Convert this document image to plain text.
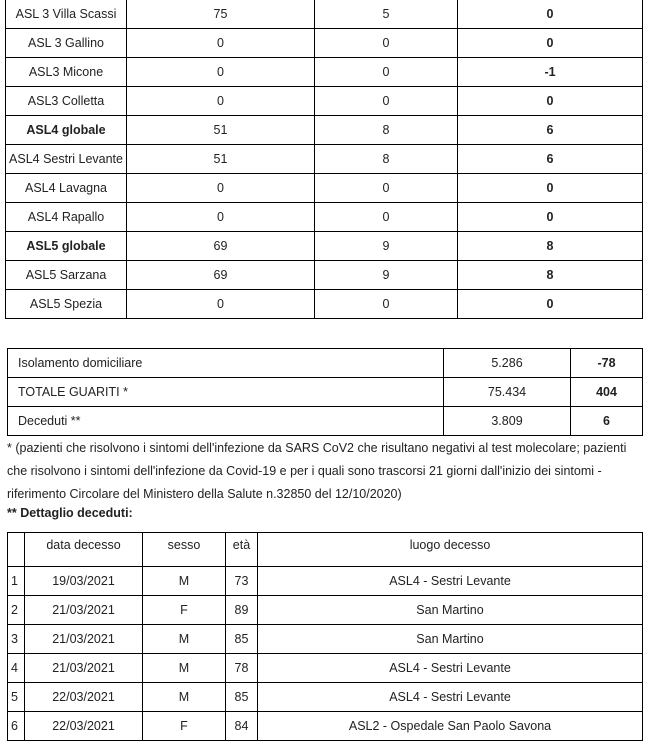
ASL 3 Villa Scassi	75	5	0
ASL 3 Gallino	0	0	0
ASL3 Micone	0	0	-1
ASL3 Colletta	0	0	0
ASL4 globale	51	8	6
ASL4 Sestri Levante	51	8	6
ASL4 Lavagna	0	0	0
ASL4 Rapallo	0	0	0
ASL5 globale	69	9	8
ASL5 Sarzana	69	9	8
ASL5 Spezia	0	0	0
Isolamento domiciliare	5.286	-78
TOTALE GUARITI *	75.434	404
Deceduti **	3.809	6

* (pazienti che risolvono i sintomi dell'infezione da SARS CoV2 che risultano negativi al test molecolare; pazienti che risolvono i sintomi dell'infezione da Covid-19 e per i quali sono trascorsi 21 giorni dall'inizio dei sintomi - riferimento Circolare del Ministero della Salute n.32850 del 12/10/2020)

** Dettaglio deceduti:

	data decesso	sesso	età	luogo decesso
1	19/03/2021	M	73	ASL4 - Sestri Levante
2	21/03/2021	F	89	San Martino
3	21/03/2021	M	85	San Martino
4	21/03/2021	M	78	ASL4 - Sestri Levante
5	22/03/2021	M	85	ASL4 - Sestri Levante
6	22/03/2021	F	84	ASL2 - Ospedale San Paolo Savona
